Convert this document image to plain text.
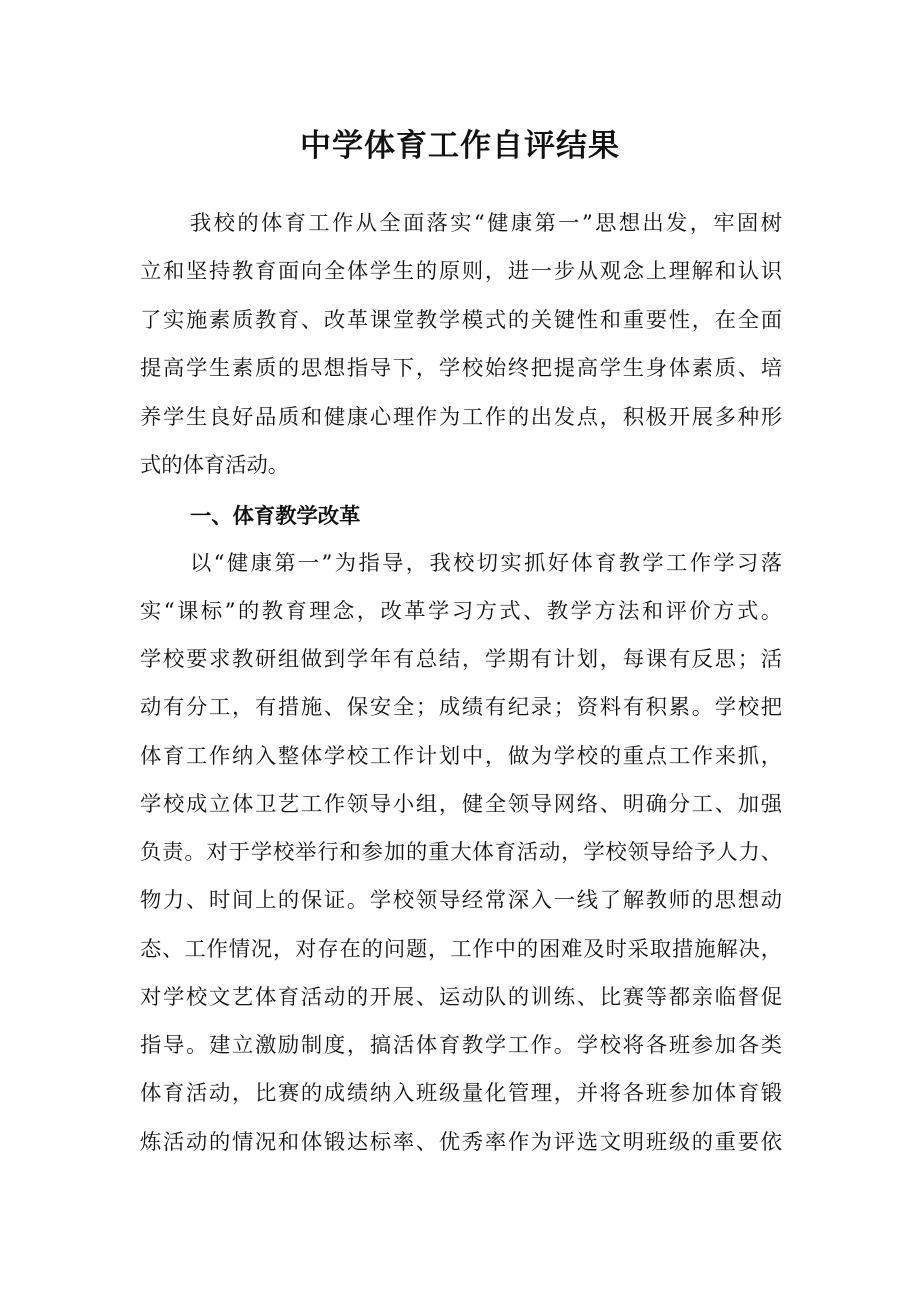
中学体育工作自评结果

我校的体育工作从全面落实“健康第一”思想出发，牢固树

立和坚持教育面向全体学生的原则，进一步从观念上理解和认识

了实施素质教育、改革课堂教学模式的关键性和重要性，在全面

提高学生素质的思想指导下，学校始终把提高学生身体素质、培

养学生良好品质和健康心理作为工作的出发点，积极开展多种形

式的体育活动。

一、体育教学改革

以“健康第一”为指导，我校切实抓好体育教学工作学习落

实“课标”的教育理念，改革学习方式、教学方法和评价方式。

学校要求教研组做到学年有总结，学期有计划，每课有反思；活

动有分工，有措施、保安全；成绩有纪录；资料有积累。学校把

体育工作纳入整体学校工作计划中，做为学校的重点工作来抓，

学校成立体卫艺工作领导小组，健全领导网络、明确分工、加强

负责。对于学校举行和参加的重大体育活动，学校领导给予人力、

物力、时间上的保证。学校领导经常深入一线了解教师的思想动

态、工作情况，对存在的问题，工作中的困难及时采取措施解决，

对学校文艺体育活动的开展、运动队的训练、比赛等都亲临督促

指导。建立激励制度，搞活体育教学工作。学校将各班参加各类

体育活动，比赛的成绩纳入班级量化管理，并将各班参加体育锻

炼活动的情况和体锻达标率、优秀率作为评选文明班级的重要依
